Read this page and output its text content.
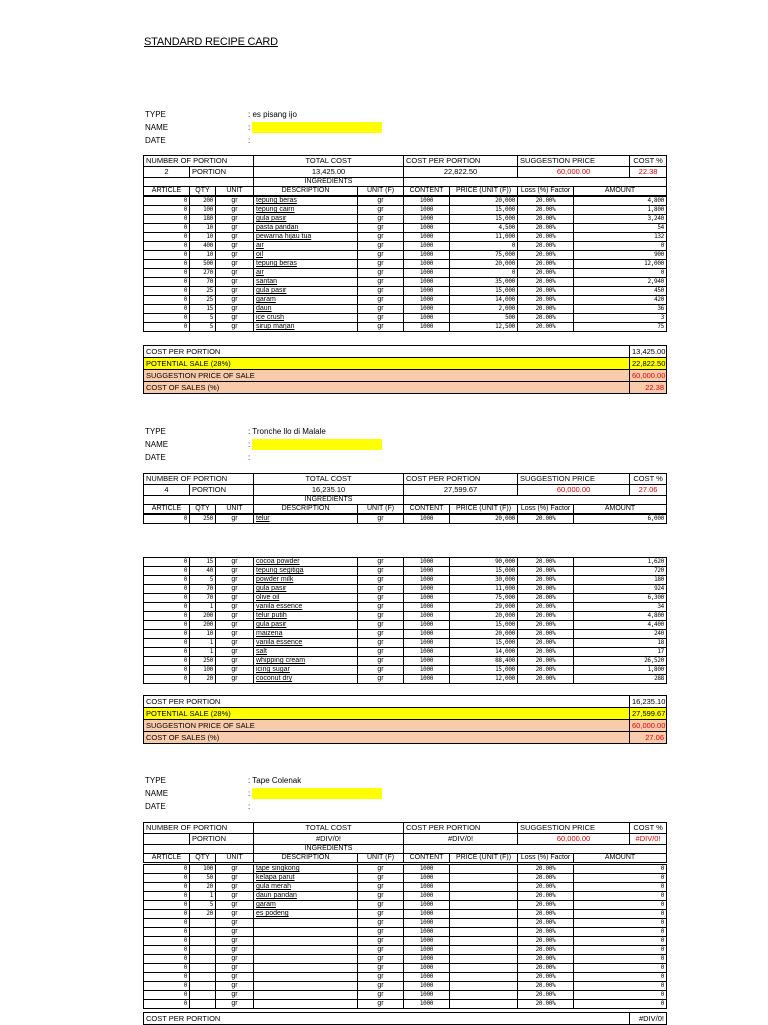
STANDARD RECIPE CARD
TYPE	: es pisang ijo
NAME	:
DATE	:
NUMBER OF PORTION			TOTAL COST		COST PER PORTION		SUGGESTION PRICE		COST %
2	PORTION		13,425.00		22,822.50		60,000.00		22.38
			INGREDIENTS						
ARTICLE	QTY	UNIT	DESCRIPTION	UNIT (F)	CONTENT	PRICE (UNIT (F))	Loss (%) Factor	AMOUNT	
0	200	gr	tepung beras	gr	1000	20,000	20.00%	4,800
0	100	gr	tepung cairn	gr	1000	15,000	20.00%	1,800
0	180	gr	gula pasir	gr	1000	15,000	20.00%	3,240
0	10	gr	pasta pandan	gr	1000	4,500	20.00%	54
0	10	gr	pewarna hijau tua	gr	1000	11,000	20.00%	132
0	400	gr	air	gr	1000	0	20.00%	0
0	10	gr	oil	gr	1000	75,000	20.00%	900
0	500	gr	tepung beras	gr	1000	20,000	20.00%	12,000
0	270	gr	air	gr	1000	0	20.00%	0
0	70	gr	santan	gr	1000	35,000	20.00%	2,940
0	25	gr	gula pasir	gr	1000	15,000	20.00%	450
0	25	gr	garam	gr	1000	14,000	20.00%	420
0	15	gr	daun	gr	1000	2,000	20.00%	36
0	5	gr	ice crush	gr	1000	500	20.00%	3
0	5	gr	sirup marjan	gr	1000	12,500	20.00%	75
COST PER PORTION	13,425.00
POTENTIAL SALE (28%)	22,822.50
SUGGESTION PRICE OF SALE	60,000.00
COST OF SALES (%)	22.38
TYPE	: Tronche llo di Malale
NAME	:
DATE	:
NUMBER OF PORTION			TOTAL COST		COST PER PORTION		SUGGESTION PRICE		COST %
4	PORTION		16,235.10		27,599.67		60,000.00		27.06
			INGREDIENTS						
ARTICLE	QTY	UNIT	DESCRIPTION	UNIT (F)	CONTENT	PRICE (UNIT (F))	Loss (%) Factor	AMOUNT	
0	250	gr	telur	gr	1000	20,000	20.00%	6,000
0	15	gr	cocoa powder	gr	1000	90,000	20.00%	1,620
0	40	gr	tepung segitiga	gr	1000	15,000	20.00%	720
0	5	gr	powder milk	gr	1000	30,000	20.00%	180
0	70	gr	gula pasir	gr	1000	11,000	20.00%	924
0	70	gr	olive oil	gr	1000	75,000	20.00%	6,300
0	1	gr	vanila essence	gr	1000	29,000	20.00%	34
0	200	gr	telur putih	gr	1000	20,000	20.00%	4,800
0	200	gr	gula pasir	gr	1000	15,000	20.00%	4,400
0	10	gr	maizena	gr	1000	20,000	20.00%	240
0	1	gr	vanila essence	gr	1000	15,000	20.00%	18
0	1	gr	salt	gr	1000	14,000	20.00%	17
0	250	gr	whipping cream	gr	1000	88,400	20.00%	26,520
0	100	gr	icing sugar	gr	1000	15,000	20.00%	1,800
0	20	gr	coconut dry	gr	1000	12,000	20.00%	288
COST PER PORTION	16,235.10
POTENTIAL SALE (28%)	27,599.67
SUGGESTION PRICE OF SALE	60,000.00
COST OF SALES (%)	27.06
TYPE	: Tape Colenak
NAME	:
DATE	:
NUMBER OF PORTION			TOTAL COST		COST PER PORTION		SUGGESTION PRICE		COST %
	PORTION		#DIV/0!		#DIV/0!		60,000.00		#DIV/0!
			INGREDIENTS						
ARTICLE	QTY	UNIT	DESCRIPTION	UNIT (F)	CONTENT	PRICE (UNIT (F))	Loss (%) Factor	AMOUNT	
0	100	gr	tape singkong	gr	1000		20.00%	0
0	50	gr	kelapa parut	gr	1000		20.00%	0
0	20	gr	gula merah	gr	1000		20.00%	0
0	1	gr	daun pandan	gr	1000		20.00%	0
0	5	gr	garam	gr	1000		20.00%	0
0	20	gr	es podeng	gr	1000		20.00%	0
0		gr		gr	1000		20.00%	0
0		gr		gr	1000		20.00%	0
0		gr		gr	1000		20.00%	0
0		gr		gr	1000		20.00%	0
0		gr		gr	1000		20.00%	0
0		gr		gr	1000		20.00%	0
0		gr		gr	1000		20.00%	0
0		gr		gr	1000		20.00%	0
0		gr		gr	1000		20.00%	0
0		gr		gr	1000		20.00%	0
COST PER PORTION	#DIV/0!
